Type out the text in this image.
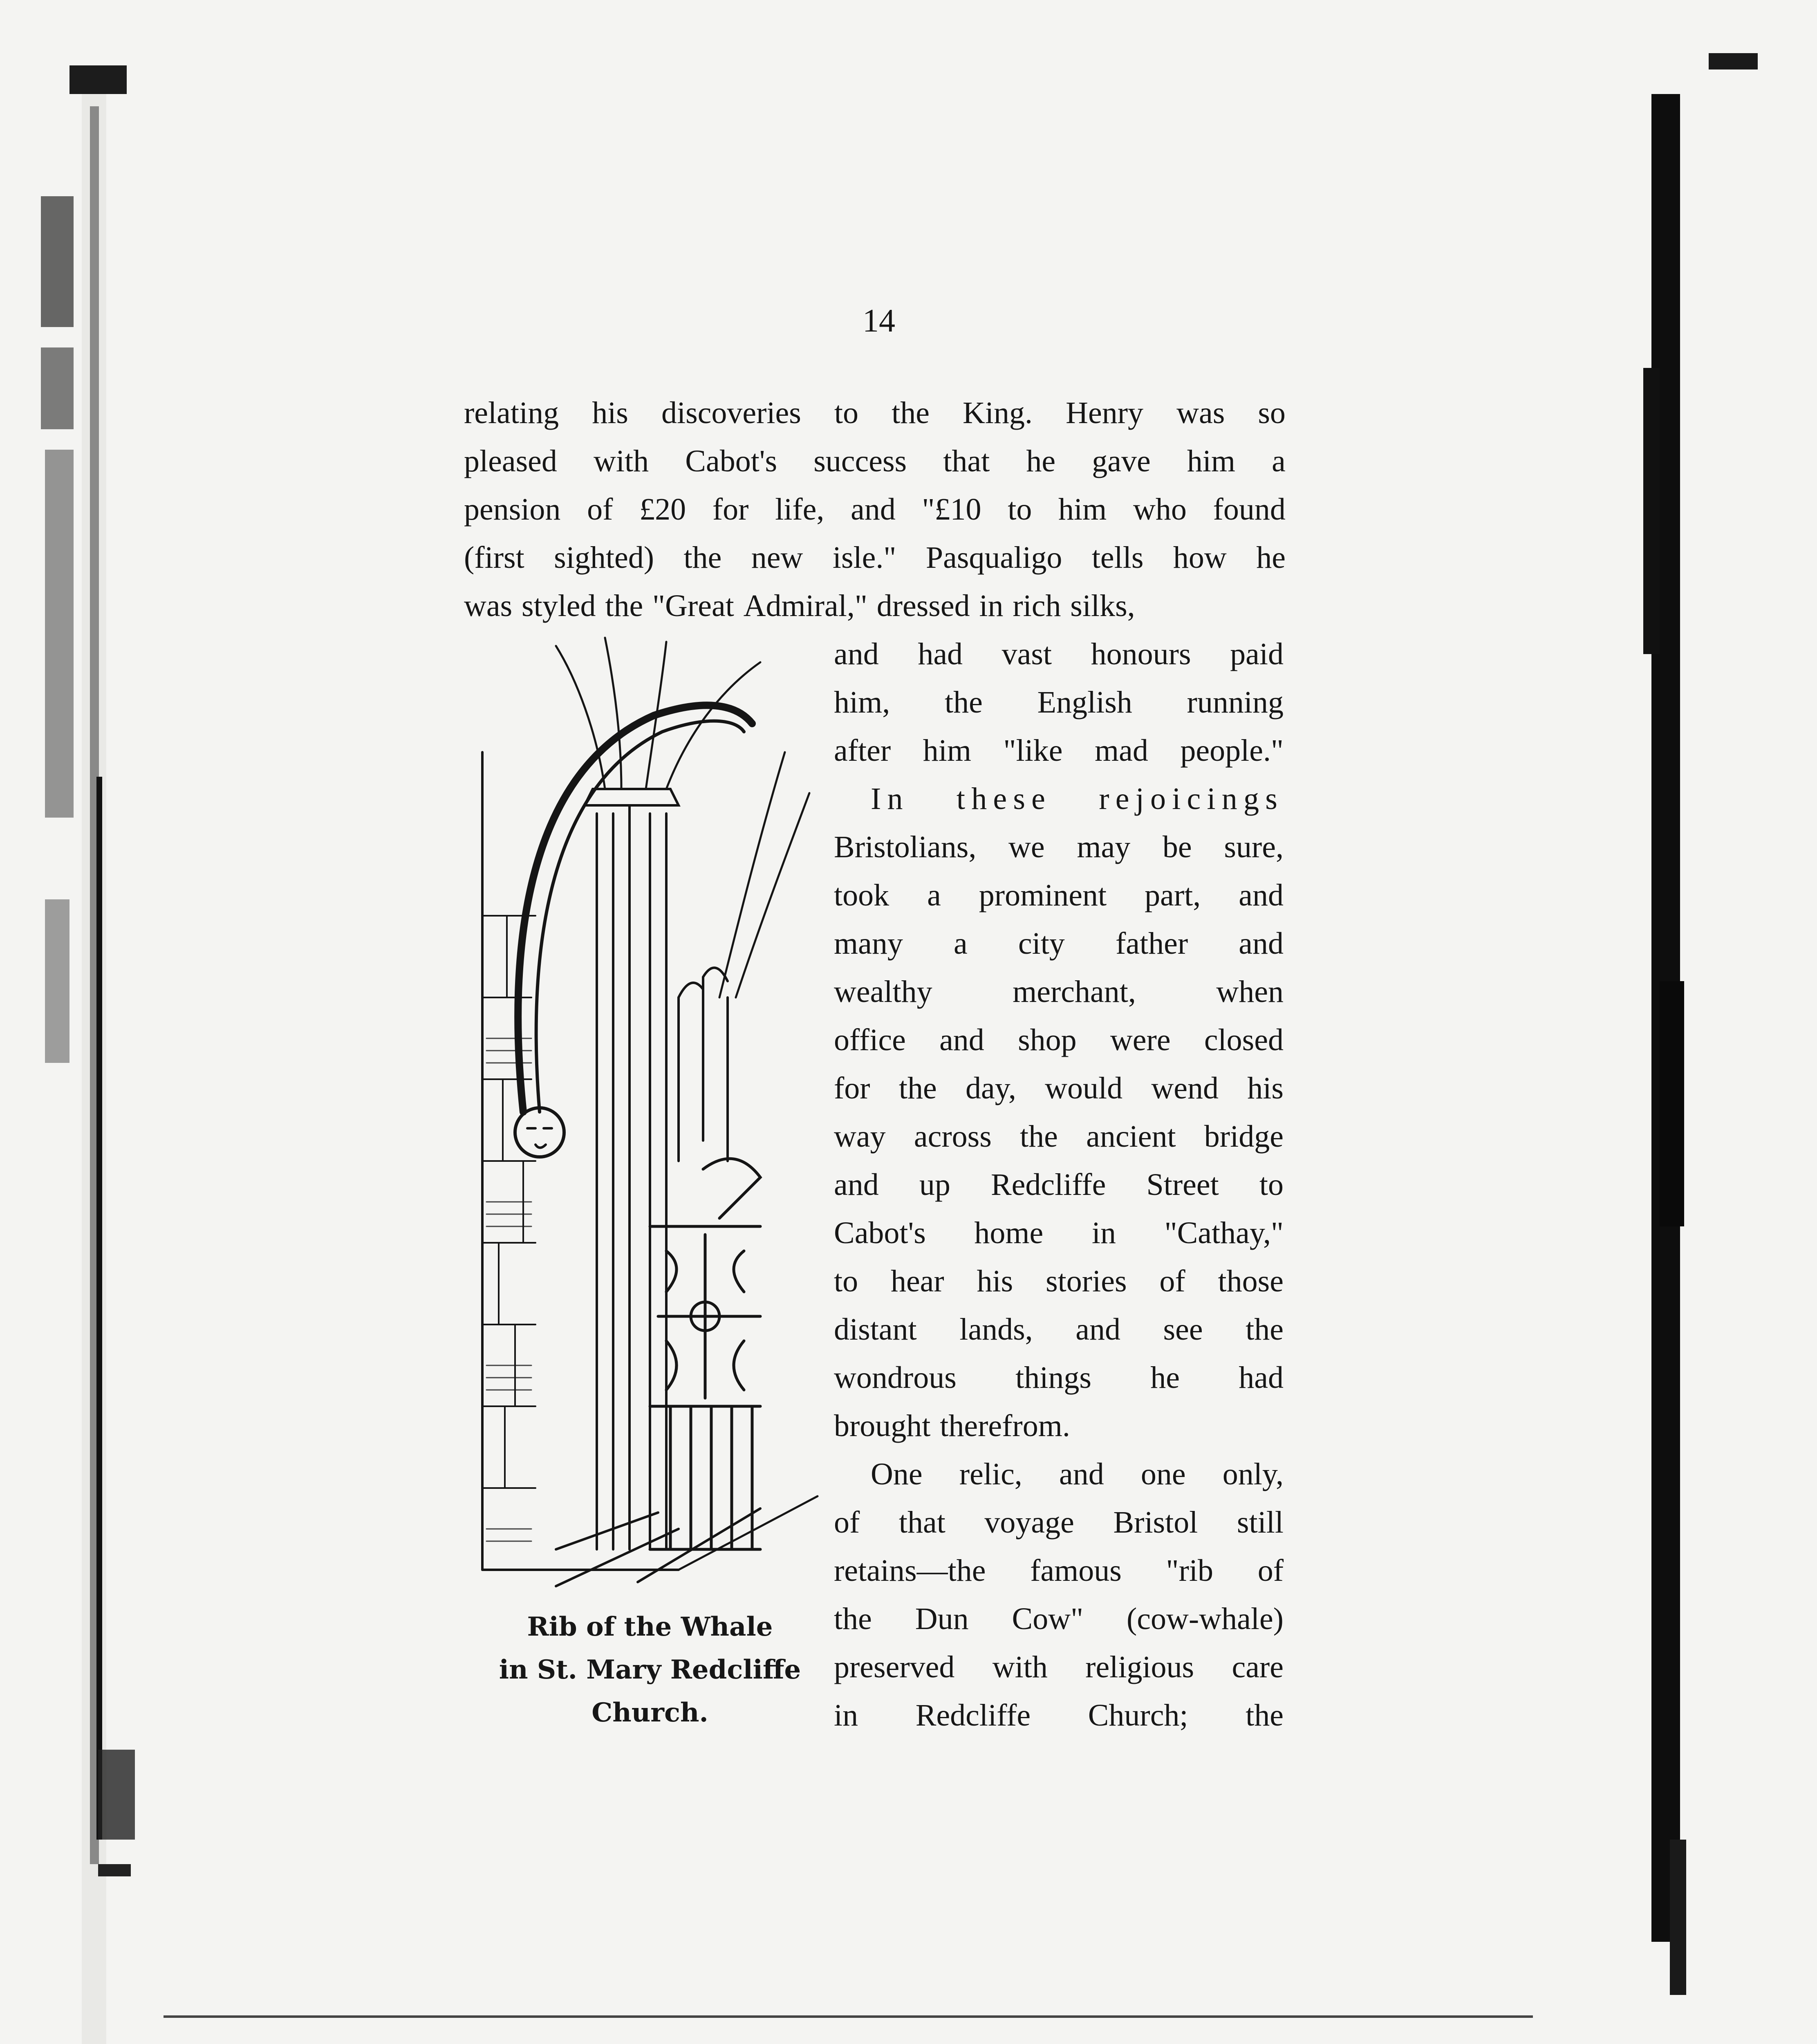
14
relating his discoveries to the King. Henry was so
pleased with Cabot's success that he gave him a
pension of £20 for life, and "£10 to him who found
(first sighted) the new isle." Pasqualigo tells how he
was styled the "Great Admiral," dressed in rich silks,
and had vast honours paid
him, the English running
after him "like mad people."
In these rejoicings
Bristolians, we may be sure,
took a prominent part, and
many a city father and
wealthy	merchant,	when
office and shop were closed
for the day, would wend his
way across the ancient bridge
and up Redcliffe Street to
Cabot's home in "Cathay,"
to hear his stories of those
distant lands, and see the
wondrous things he had
brought therefrom.
One relic, and one only,
of that voyage Bristol still
retains—the famous "rib of
the Dun Cow" (cow-whale)
preserved with religious care
in Redcliffe Church; the
Rib of the Whale
in St. Mary Redcliffe
Church.
